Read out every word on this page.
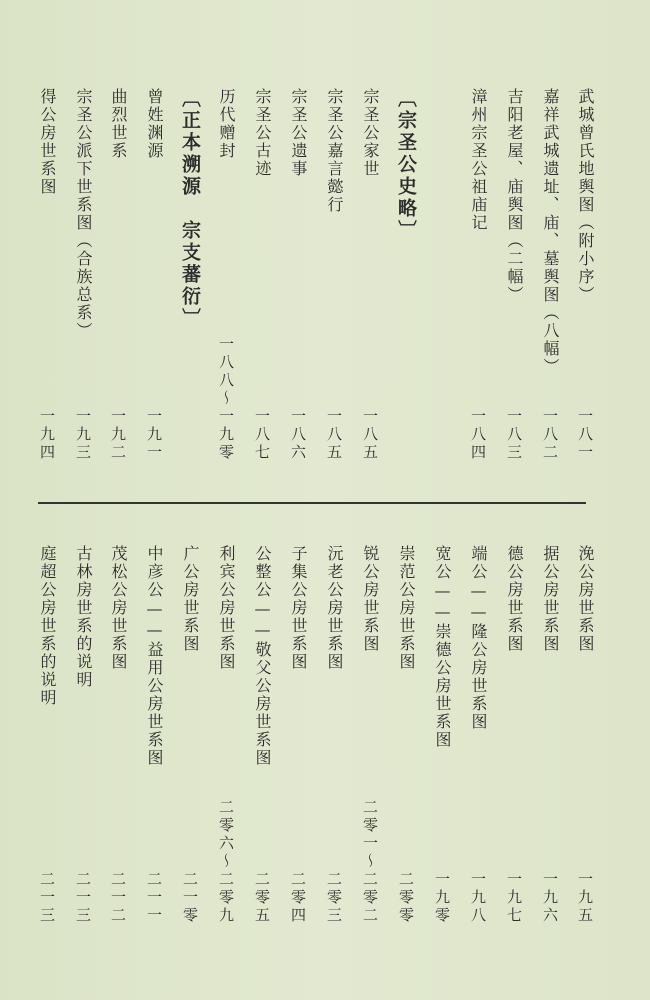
武城曾氏地舆图（附小序）
一八一
嘉祥武城遗址、庙、墓舆图（八幅）
一八二
吉阳老屋、庙舆图（二幅）
一八三
漳州宗圣公祖庙记
一八四
〔宗圣公史略〕
宗圣公家世
一八五
宗圣公嘉言懿行
一八五
宗圣公遗事
一八六
宗圣公古迹
一八七
历代赠封
一八八～一九零
〔正本溯源　宗支蕃衍〕
曾姓渊源
一九一
曲烈世系
一九二
宗圣公派下世系图（合族总系）
一九三
得公房世系图
一九四
浼公房世系图
一九五
据公房世系图
一九六
德公房世系图
一九七
端公——隆公房世系图
一九八
宽公——崇德公房世系图
一九零
崇范公房世系图
二零零
锐公房世系图
二零一～二零二
沅老公房世系图
二零三
子集公房世系图
二零四
公整公——敬父公房世系图
二零五
利宾公房世系图
二零六～二零九
广公房世系图
二一零
中彦公——益用公房世系图
二一一
茂松公房世系图
二一二
古林房世系的说明
二一三
庭超公房世系的说明
二一三
